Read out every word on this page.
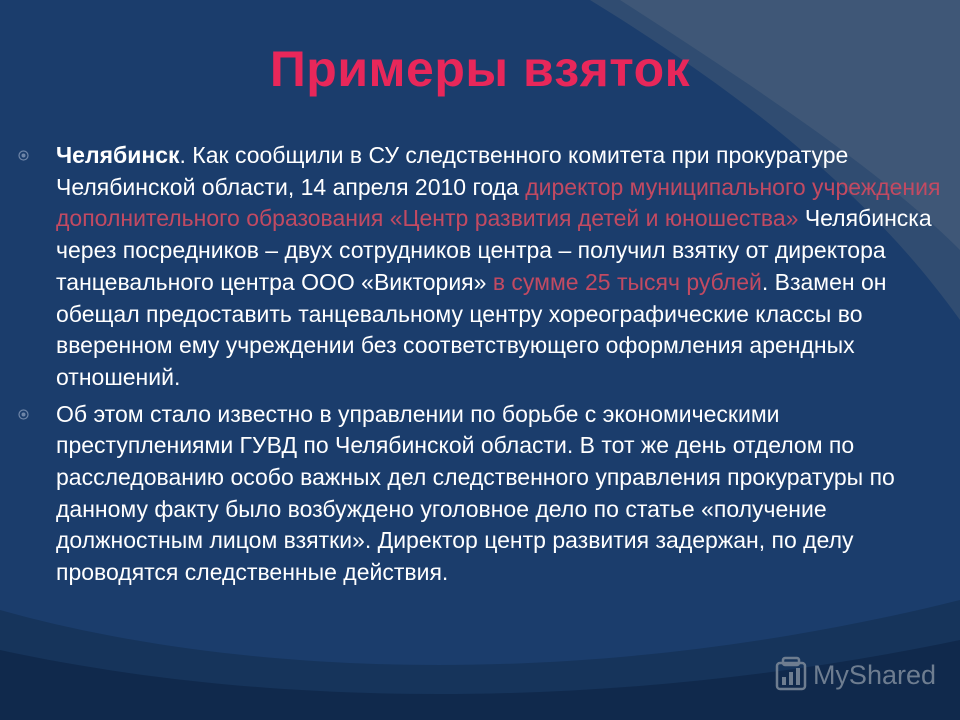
Примеры взяток

Челябинск. Как сообщили в СУ следственного комитета при прокуратуре Челябинской области, 14 апреля 2010 года директор муниципального учреждения дополнительного образования «Центр развития детей и юношества» Челябинска через посредников – двух сотрудников центра – получил взятку от директора танцевального центра ООО «Виктория» в сумме 25 тысяч рублей. Взамен он обещал предоставить танцевальному центру хореографические классы во вверенном ему учреждении без соответствующего оформления арендных отношений.

Об этом стало известно в управлении по борьбе с экономическими преступлениями ГУВД по Челябинской области. В тот же день отделом по расследованию особо важных дел следственного управления прокуратуры по данному факту было возбуждено уголовное дело по статье «получение должностным лицом взятки». Директор центр развития задержан, по делу проводятся следственные действия.

MyShared
